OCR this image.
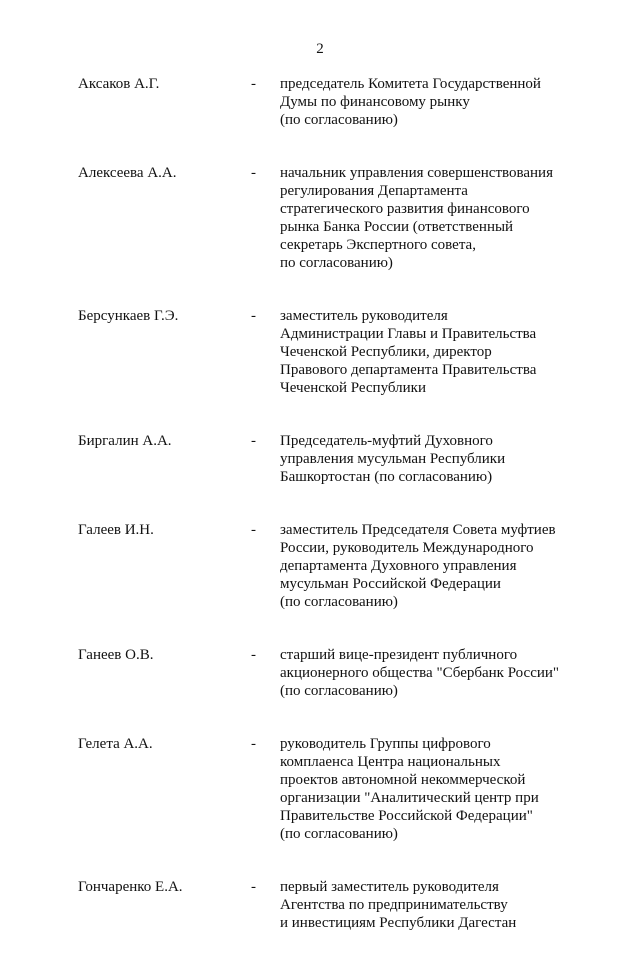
2
Аксаков А.Г.	- председатель Комитета Государственной
Думы по финансовому рынку
(по согласованию)
Алексеева А.А.	- начальник управления совершенствования
регулирования Департамента
стратегического развития финансового
рынка Банка России (ответственный
секретарь Экспертного совета,
по согласованию)
Берсункаев Г.Э.	- заместитель руководителя
Администрации Главы и Правительства
Чеченской Республики, директор
Правового департамента Правительства
Чеченской Республики
Биргалин А.А.	- Председатель-муфтий Духовного
управления мусульман Республики
Башкортостан (по согласованию)
Галеев И.Н.	- заместитель Председателя Совета муфтиев
России, руководитель Международного
департамента Духовного управления
мусульман Российской Федерации
(по согласованию)
Ганеев О.В.	- старший вице-президент публичного
акционерного общества "Сбербанк России"
(по согласованию)
Гелета А.А.	- руководитель Группы цифрового
комплаенса Центра национальных
проектов автономной некоммерческой
организации "Аналитический центр при
Правительстве Российской Федерации"
(по согласованию)
Гончаренко Е.А.	- первый заместитель руководителя
Агентства по предпринимательству
и инвестициям Республики Дагестан
